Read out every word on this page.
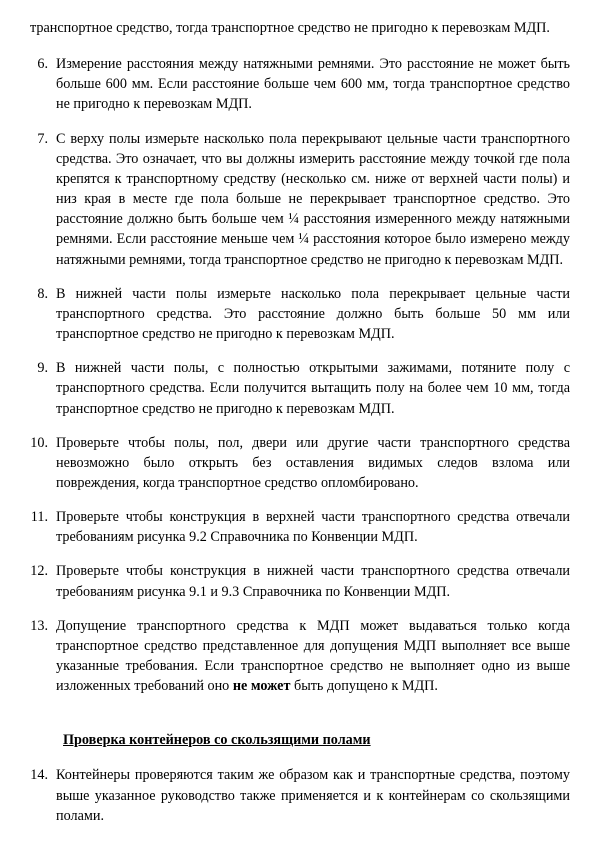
транспортное средство, тогда транспортное средство не пригодно к перевозкам МДП.

6. Измерение расстояния между натяжными ремнями. Это расстояние не может быть больше 600 мм. Если расстояние больше чем 600 мм, тогда транспортное средство не пригодно к перевозкам МДП.
7. С верху полы измерьте насколько пола перекрывают цельные части транспортного средства. Это означает, что вы должны измерить расстояние между точкой где пола крепятся к транспортному средству (несколько см. ниже от верхней части полы) и низ края в месте где пола больше не перекрывает транспортное средство. Это расстояние должно быть больше чем ¼ расстояния измеренного между натяжными ремнями. Если расстояние меньше чем ¼ расстояния которое было измерено между натяжными ремнями, тогда транспортное средство не пригодно к перевозкам МДП.
8. В нижней части полы измерьте насколько пола перекрывает цельные части транспортного средства. Это расстояние должно быть больше 50 мм или транспортное средство не пригодно к перевозкам МДП.
9. В нижней части полы, с полностью открытыми зажимами, потяните полу с транспортного средства. Если получится вытащить полу на более чем 10 мм, тогда транспортное средство не пригодно к перевозкам МДП.
10. Проверьте чтобы полы, пол, двери или другие части транспортного средства невозможно было открыть без оставления видимых следов взлома или повреждения, когда транспортное средство опломбировано.
11. Проверьте чтобы конструкция в верхней части транспортного средства отвечали требованиям рисунка 9.2 Справочника по Конвенции МДП.
12. Проверьте чтобы конструкция в нижней части транспортного средства отвечали требованиям рисунка 9.1 и 9.3 Справочника по Конвенции МДП.
13. Допущение транспортного средства к МДП может выдаваться только когда транспортное средство представленное для допущения МДП выполняет все выше указанные требования. Если транспортное средство не выполняет одно из выше изложенных требований оно не может быть допущено к МДП.
Проверка контейнеров со скользящими полами
14. Контейнеры проверяются таким же образом как и транспортные средства, поэтому выше указанное руководство также применяется и к контейнерам со скользящими полами.
